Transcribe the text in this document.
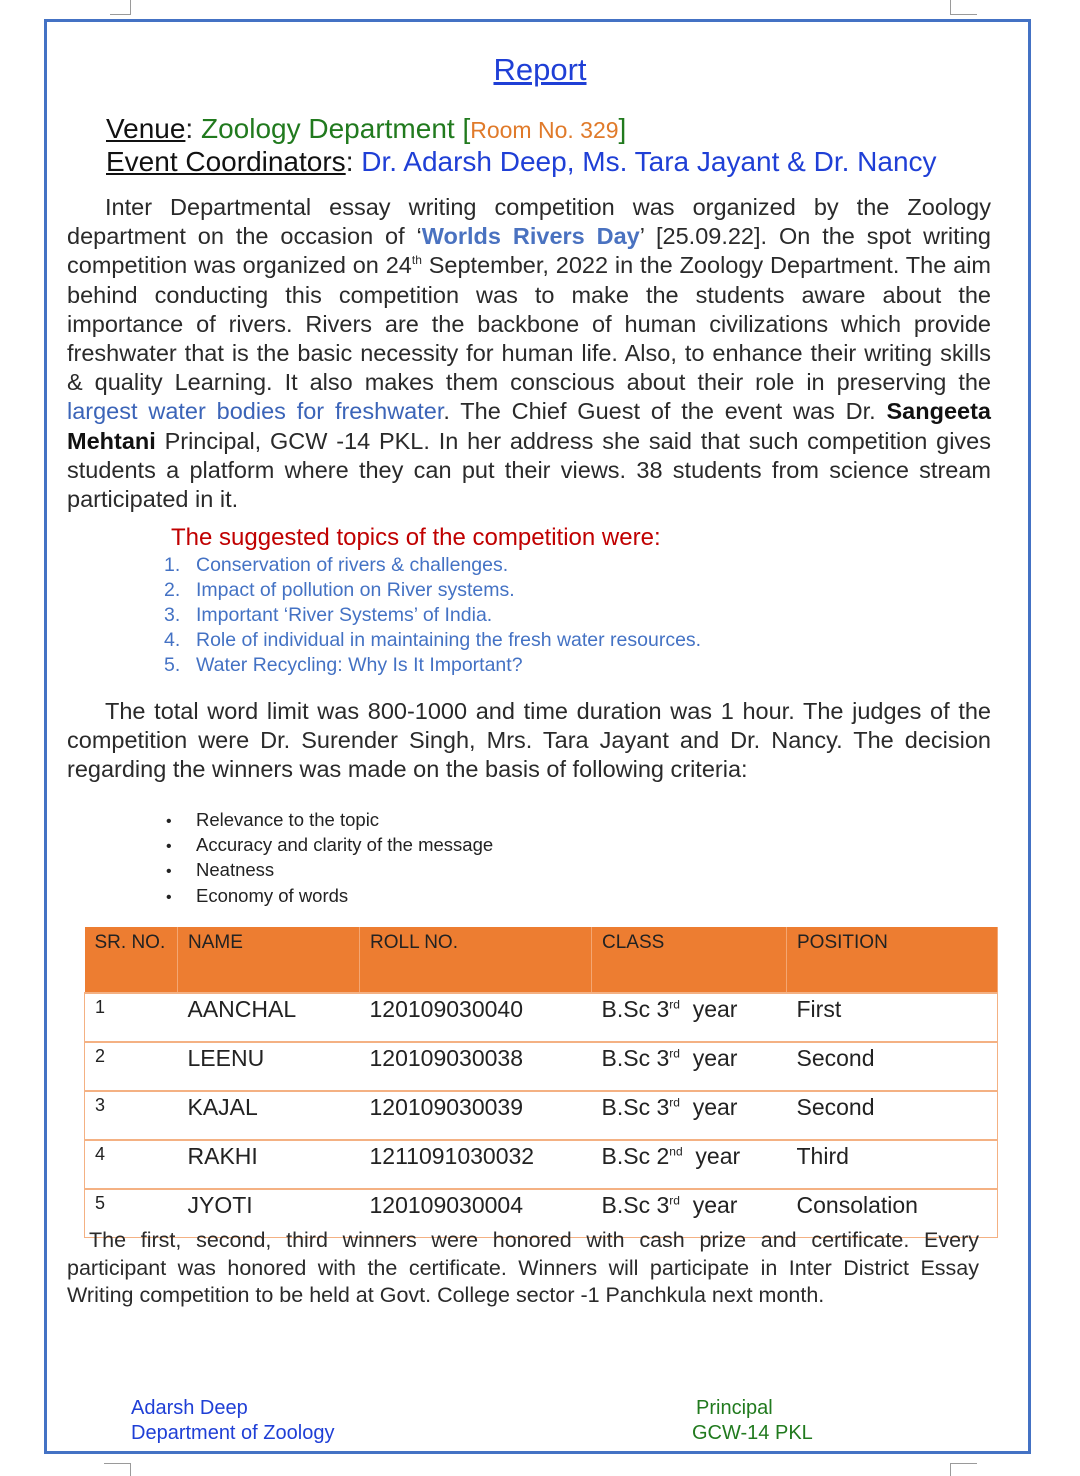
Report
Venue: Zoology Department [Room No. 329]
Event Coordinators: Dr. Adarsh Deep, Ms. Tara Jayant & Dr. Nancy

Inter Departmental essay writing competition was organized by the Zoology department on the occasion of ‘Worlds Rivers Day’ [25.09.22]. On the spot writing competition was organized on 24th September, 2022 in the Zoology Department. The aim behind conducting this competition was to make the students aware about the importance of rivers. Rivers are the backbone of human civilizations which provide freshwater that is the basic necessity for human life. Also, to enhance their writing skills & quality Learning. It also makes them conscious about their role in preserving the largest water bodies for freshwater. The Chief Guest of the event was Dr. Sangeeta Mehtani Principal, GCW -14 PKL. In her address she said that such competition gives students a platform where they can put their views. 38 students from science stream participated in it.

The suggested topics of the competition were:
1. Conservation of rivers & challenges.
2. Impact of pollution on River systems.
3. Important ‘River Systems’ of India.
4. Role of individual in maintaining the fresh water resources.
5. Water Recycling: Why Is It Important?

The total word limit was 800-1000 and time duration was 1 hour. The judges of the competition were Dr. Surender Singh, Mrs. Tara Jayant and Dr. Nancy. The decision regarding the winners was made on the basis of following criteria:

• Relevance to the topic
• Accuracy and clarity of the message
• Neatness
• Economy of words
SR. NO.	NAME	ROLL NO.	CLASS	POSITION
1	AANCHAL	120109030040	B.Sc 3rd  year	First
2	LEENU	120109030038	B.Sc 3rd  year	Second
3	KAJAL	120109030039	B.Sc 3rd  year	Second
4	RAKHI	1211091030032	B.Sc 2nd  year	Third
5	JYOTI	120109030004	B.Sc 3rd  year	Consolation

The first, second, third winners were honored with cash prize and certificate. Every participant was honored with the certificate. Winners will participate in Inter District Essay Writing competition to be held at Govt. College sector -1 Panchkula next month.

Adarsh Deep
Department of Zoology
Principal
GCW-14 PKL
